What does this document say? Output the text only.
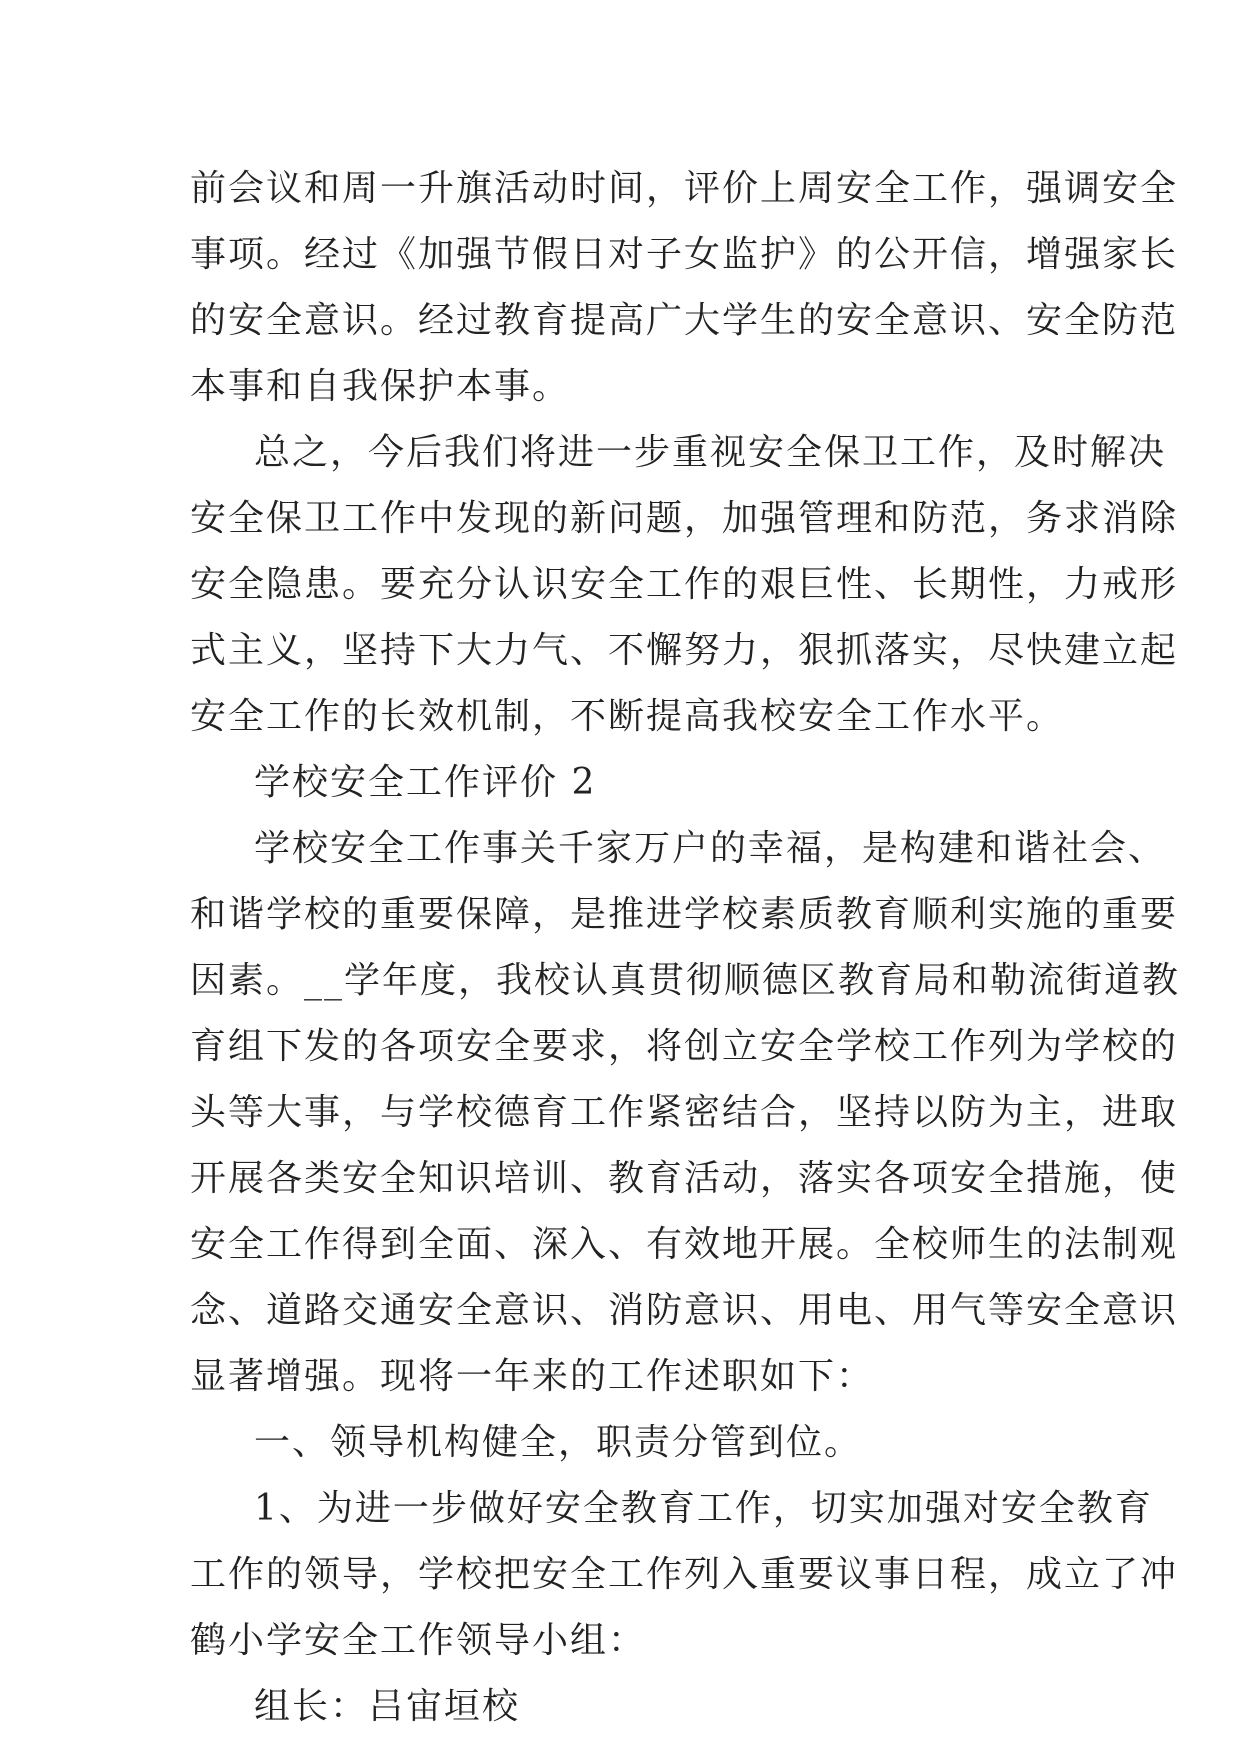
前会议和周一升旗活动时间，评价上周安全工作，强调安全
事项。经过《加强节假日对子女监护》的公开信，增强家长
的安全意识。经过教育提高广大学生的安全意识、安全防范
本事和自我保护本事。
总之，今后我们将进一步重视安全保卫工作，及时解决
安全保卫工作中发现的新问题，加强管理和防范，务求消除
安全隐患。要充分认识安全工作的艰巨性、长期性，力戒形
式主义，坚持下大力气、不懈努力，狠抓落实，尽快建立起
安全工作的长效机制，不断提高我校安全工作水平。
学校安全工作评价 2
学校安全工作事关千家万户的幸福，是构建和谐社会、
和谐学校的重要保障，是推进学校素质教育顺利实施的重要
因素。__学年度，我校认真贯彻顺德区教育局和勒流街道教
育组下发的各项安全要求，将创立安全学校工作列为学校的
头等大事，与学校德育工作紧密结合，坚持以防为主，进取
开展各类安全知识培训、教育活动，落实各项安全措施，使
安全工作得到全面、深入、有效地开展。全校师生的法制观
念、道路交通安全意识、消防意识、用电、用气等安全意识
显著增强。现将一年来的工作述职如下：
一、领导机构健全，职责分管到位。
1、为进一步做好安全教育工作，切实加强对安全教育
工作的领导，学校把安全工作列入重要议事日程，成立了冲
鹤小学安全工作领导小组：
组长：吕宙垣校
